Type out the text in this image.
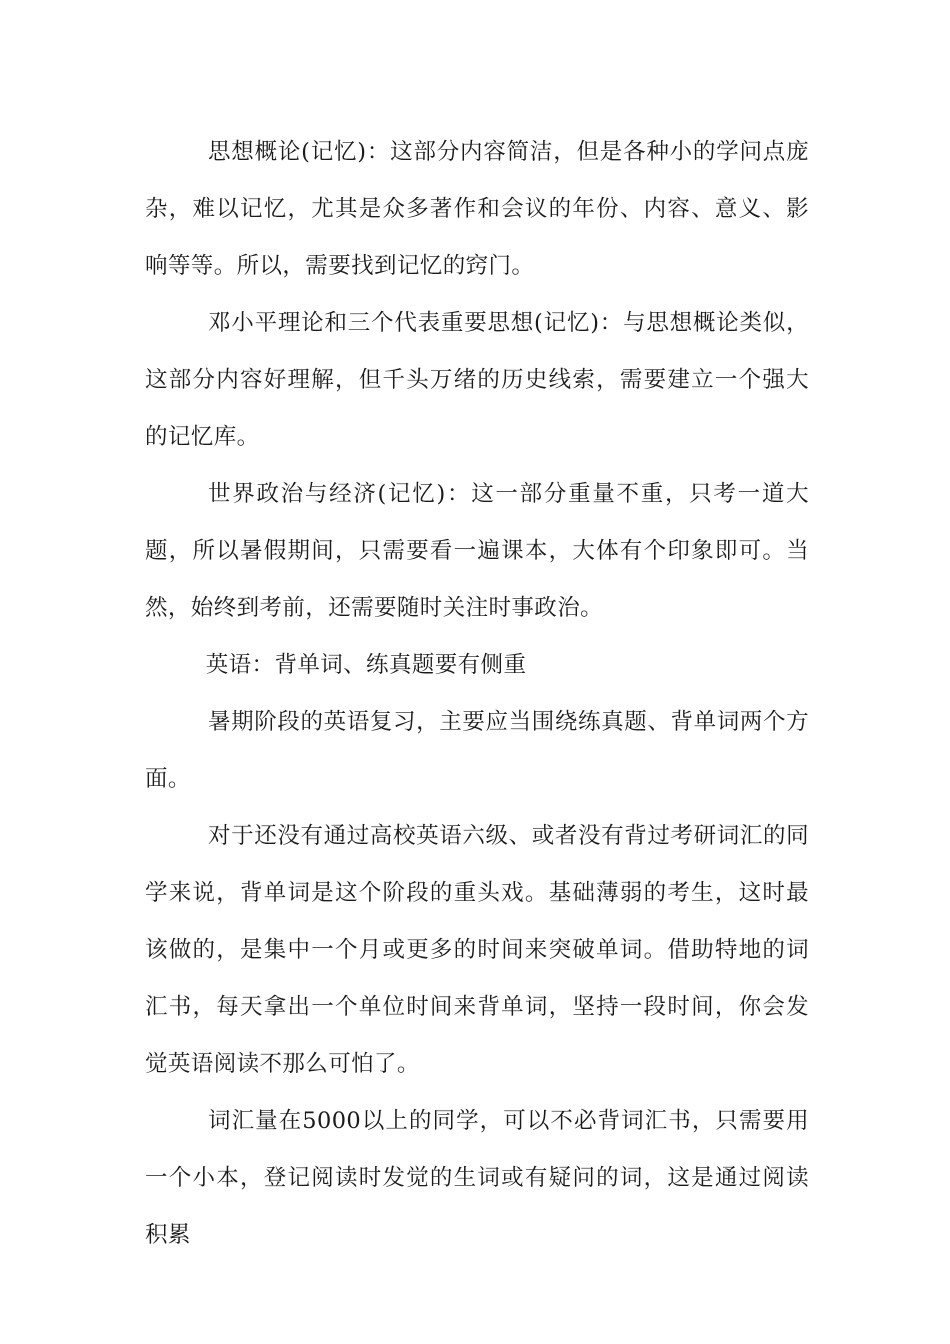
思想概论(记忆)：这部分内容简洁，但是各种小的学问点庞杂，难以记忆，尤其是众多著作和会议的年份、内容、意义、影响等等。所以，需要找到记忆的窍门。

邓小平理论和三个代表重要思想(记忆)：与思想概论类似，这部分内容好理解，但千头万绪的历史线索，需要建立一个强大的记忆库。

世界政治与经济(记忆)：这一部分重量不重，只考一道大题，所以暑假期间，只需要看一遍课本，大体有个印象即可。当然，始终到考前，还需要随时关注时事政治。

英语：背单词、练真题要有侧重

暑期阶段的英语复习，主要应当围绕练真题、背单词两个方面。

对于还没有通过高校英语六级、或者没有背过考研词汇的同学来说，背单词是这个阶段的重头戏。基础薄弱的考生，这时最该做的，是集中一个月或更多的时间来突破单词。借助特地的词汇书，每天拿出一个单位时间来背单词，坚持一段时间，你会发觉英语阅读不那么可怕了。

词汇量在5000以上的同学，可以不必背词汇书，只需要用一个小本，登记阅读时发觉的生词或有疑问的词，这是通过阅读积累
